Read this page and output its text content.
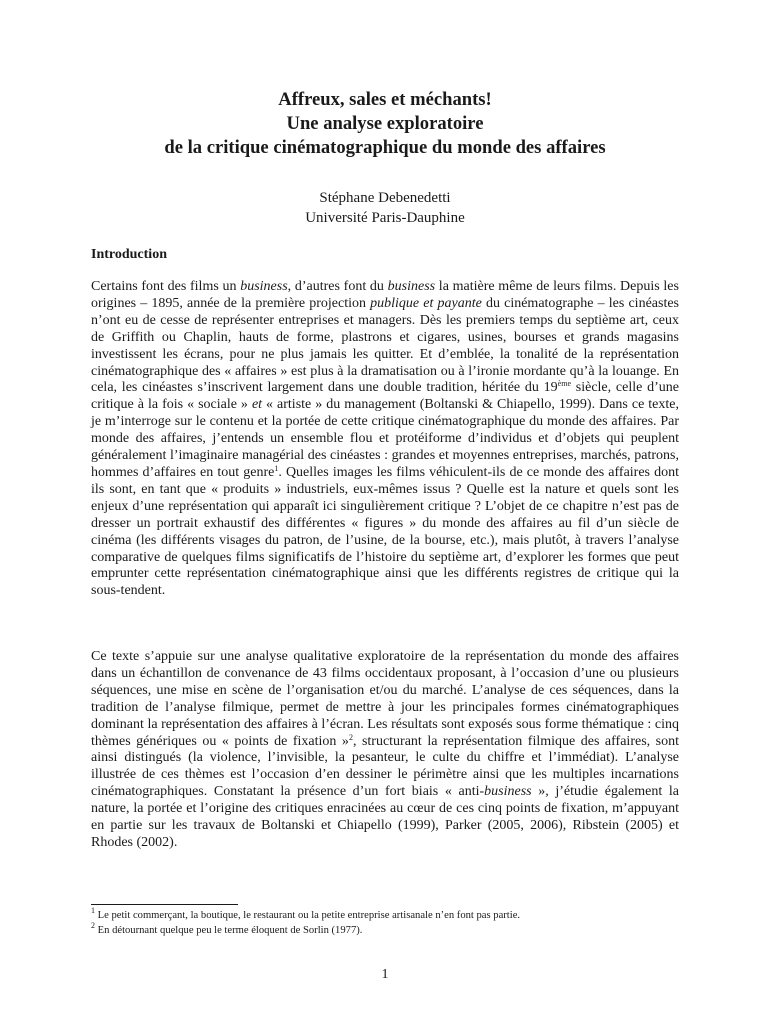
Affreux, sales et méchants!
Une analyse exploratoire
de la critique cinématographique du monde des affaires
Stéphane Debenedetti
Université Paris-Dauphine
Introduction

Certains font des films un business, d’autres font du business la matière même de leurs films. Depuis les origines – 1895, année de la première projection publique et payante du cinématographe – les cinéastes n’ont eu de cesse de représenter entreprises et managers. Dès les premiers temps du septième art, ceux de Griffith ou Chaplin, hauts de forme, plastrons et cigares, usines, bourses et grands magasins investissent les écrans, pour ne plus jamais les quitter. Et d’emblée, la tonalité de la représentation cinématographique des « affaires » est plus à la dramatisation ou à l’ironie mordante qu’à la louange. En cela, les cinéastes s’inscrivent largement dans une double tradition, héritée du 19ème siècle, celle d’une critique à la fois « sociale » et « artiste » du management (Boltanski & Chiapello, 1999). Dans ce texte, je m’interroge sur le contenu et la portée de cette critique cinématographique du monde des affaires. Par monde des affaires, j’entends un ensemble flou et protéiforme d’individus et d’objets qui peuplent généralement l’imaginaire managérial des cinéastes : grandes et moyennes entreprises, marchés, patrons, hommes d’affaires en tout genre$^1$. Quelles images les films véhiculent-ils de ce monde des affaires dont ils sont, en tant que « produits » industriels, eux-mêmes issus ? Quelle est la nature et quels sont les enjeux d’une représentation qui apparaît ici singulièrement critique ? L’objet de ce chapitre n’est pas de dresser un portrait exhaustif des différentes « figures » du monde des affaires au fil d’un siècle de cinéma (les différents visages du patron, de l’usine, de la bourse, etc.), mais plutôt, à travers l’analyse comparative de quelques films significatifs de l’histoire du septième art, d’explorer les formes que peut emprunter cette représentation cinématographique ainsi que les différents registres de critique qui la sous-tendent.

Ce texte s’appuie sur une analyse qualitative exploratoire de la représentation du monde des affaires dans un échantillon de convenance de 43 films occidentaux proposant, à l’occasion d’une ou plusieurs séquences, une mise en scène de l’organisation et/ou du marché. L’analyse de ces séquences, dans la tradition de l’analyse filmique, permet de mettre à jour les principales formes cinématographiques dominant la représentation des affaires à l’écran. Les résultats sont exposés sous forme thématique : cinq thèmes génériques ou « points de fixation »$^2$, structurant la représentation filmique des affaires, sont ainsi distingués (la violence, l’invisible, la pesanteur, le culte du chiffre et l’immédiat). L’analyse illustrée de ces thèmes est l’occasion d’en dessiner le périmètre ainsi que les multiples incarnations cinématographiques. Constatant la présence d’un fort biais « anti-business », j’étudie également la nature, la portée et l’origine des critiques enracinées au cœur de ces cinq points de fixation, m’appuyant en partie sur les travaux de Boltanski et Chiapello (1999), Parker (2005, 2006), Ribstein (2005) et Rhodes (2002).

$^1$ Le petit commerçant, la boutique, le restaurant ou la petite entreprise artisanale n’en font pas partie.
$^2$ En détournant quelque peu le terme éloquent de Sorlin (1977).
1
